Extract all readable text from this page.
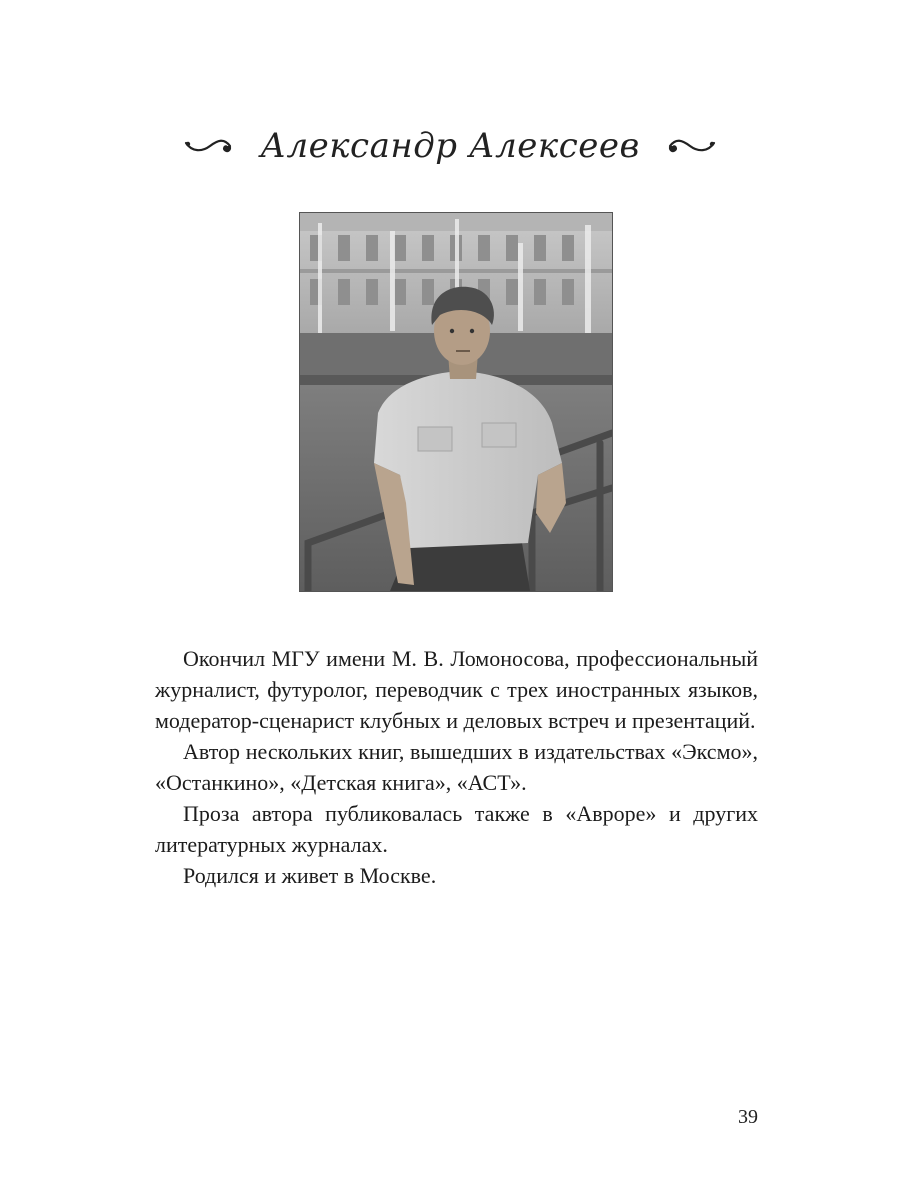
Александр Алексеев

Окончил МГУ имени М. В. Ломоносова, профессиональный журналист, футуролог, переводчик с трех иностранных языков, модератор-сценарист клубных и деловых встреч и презентаций.

Автор нескольких книг, вышедших в издательствах «Эксмо», «Останкино», «Детская книга», «АСТ».

Проза автора публиковалась также в «Авроре» и других литературных журналах.

Родился и живет в Москве.

39
